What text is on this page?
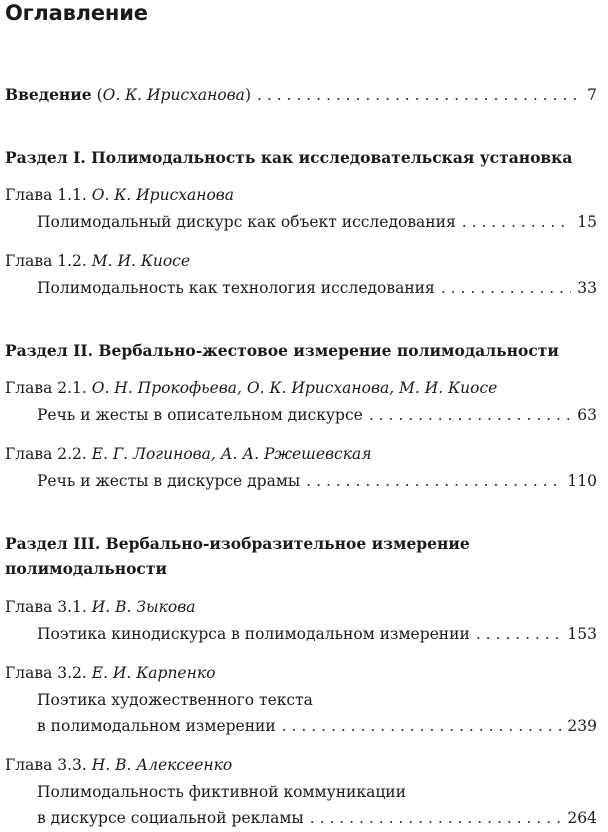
Оглавление
Введение (О. К. Ирисханова) . . .	7
Раздел I. Полимодальность как исследовательская установка
Глава 1.1. О. К. Ирисханова
Полимодальный дискурс как объект исследования . . .	15
Глава 1.2. М. И. Киосе
Полимодальность как технология исследования . . .	33
Раздел II. Вербально-жестовое измерение полимодальности
Глава 2.1. О. Н. Прокофьева, О. К. Ирисханова, М. И. Киосе
Речь и жесты в описательном дискурсе . . .	63
Глава 2.2. Е. Г. Логинова, А. А. Ржешевская
Речь и жесты в дискурсе драмы . . .	110
Раздел III. Вербально-изобразительное измерение
полимодальности
Глава 3.1. И. В. Зыкова
Поэтика кинодискурса в полимодальном измерении . . .	153
Глава 3.2. Е. И. Карпенко
Поэтика художественного текста
в полимодальном измерении . . .	239
Глава 3.3. Н. В. Алексеенко
Полимодальность фиктивной коммуникации
в дискурсе социальной рекламы . . .	264
